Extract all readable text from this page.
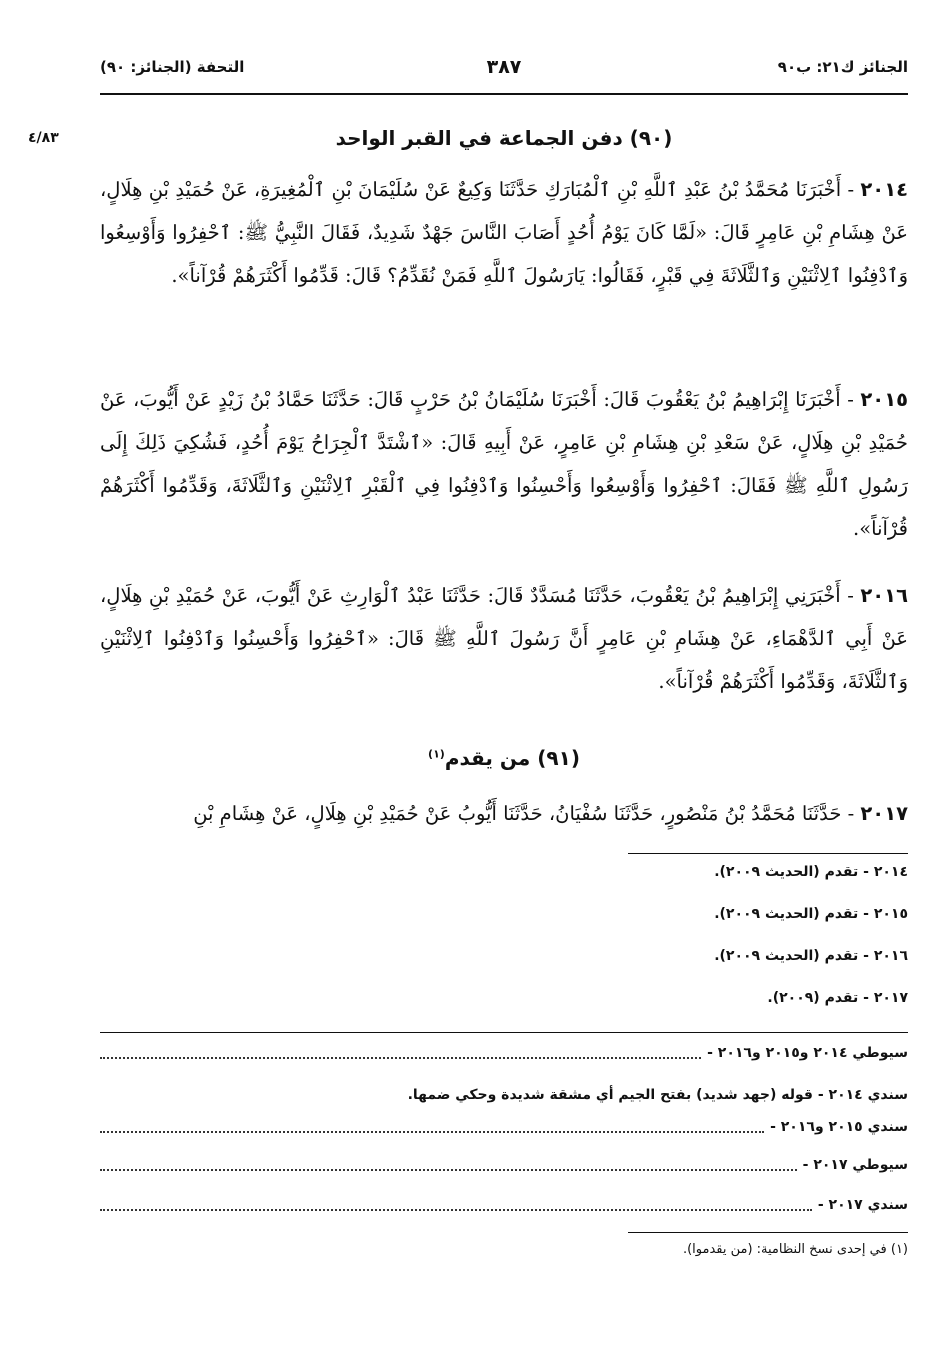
الجنائز ك٢١: ب٩٠
٣٨٧
التحفة (الجنائز: ٩٠)
٤/٨٣	(٩٠) دفن الجماعة في القبر الواحد
٢٠١٤ - أَخْبَرَنَا مُحَمَّدُ بْنُ عَبْدِ ٱللَّهِ بْنِ ٱلْمُبَارَكِ حَدَّثَنَا وَكِيعٌ عَنْ سُلَيْمَانَ بْنِ ٱلْمُغِيرَةِ، عَنْ حُمَيْدِ بْنِ هِلَالٍ، عَنْ هِشَامِ بْنِ عَامِرٍ قَالَ: «لَمَّا كَانَ يَوْمُ أُحُدٍ أَصَابَ النَّاسَ جَهْدٌ شَدِيدٌ، فَقَالَ النَّبِيُّ ﷺ: ٱحْفِرُوا وَأَوْسِعُوا وَٱدْفِنُوا ٱلِاثْنَيْنِ وَٱلثَّلَاثَةَ فِي قَبْرٍ، فَقَالُوا: يَارَسُولَ ٱللَّهِ فَمَنْ نُقَدِّمُ؟ قَالَ: قَدِّمُوا أَكْثَرَهُمْ قُرْآناً».
٢٠١٥ - أَخْبَرَنَا إِبْرَاهِيمُ بْنُ يَعْقُوبَ قَالَ: أَخْبَرَنَا سُلَيْمَانُ بْنُ حَرْبٍ قَالَ: حَدَّثَنَا حَمَّادُ بْنُ زَيْدٍ عَنْ أَيُّوبَ، عَنْ حُمَيْدِ بْنِ هِلَالٍ، عَنْ سَعْدِ بْنِ هِشَامِ بْنِ عَامِرٍ، عَنْ أَبِيهِ قَالَ: «ٱشْتَدَّ ٱلْجِرَاحُ يَوْمَ أُحُدٍ، فَشُكِيَ ذَلِكَ إِلَى رَسُولِ ٱللَّهِ ﷺ فَقَالَ: ٱحْفِرُوا وَأَوْسِعُوا وَأَحْسِنُوا وَٱدْفِنُوا فِي ٱلْقَبْرِ ٱلِاثْنَيْنِ وَٱلثَّلَاثَةَ، وَقَدِّمُوا أَكْثَرَهُمْ قُرْآناً».
٢٠١٦ - أَخْبَرَنِي إِبْرَاهِيمُ بْنُ يَعْقُوبَ، حَدَّثَنَا مُسَدَّدٌ قَالَ: حَدَّثَنَا عَبْدُ ٱلْوَارِثِ عَنْ أَيُّوبَ، عَنْ حُمَيْدِ بْنِ هِلَالٍ، عَنْ أَبِي ٱلدَّهْمَاءِ، عَنْ هِشَامِ بْنِ عَامِرٍ أَنَّ رَسُولَ ٱللَّهِ ﷺ قَالَ: «ٱحْفِرُوا وَأَحْسِنُوا وَٱدْفِنُوا ٱلِاثْنَيْنِ وَٱلثَّلَاثَةَ، وَقَدِّمُوا أَكْثَرَهُمْ قُرْآناً».
(٩١) من يقدم$^{(١)}$
٢٠١٧ - حَدَّثَنَا مُحَمَّدُ بْنُ مَنْصُورٍ، حَدَّثَنَا سُفْيَانُ، حَدَّثَنَا أَيُّوبُ عَنْ حُمَيْدِ بْنِ هِلَالٍ، عَنْ هِشَامِ بْنِ
٢٠١٤ - تقدم (الحديث ٢٠٠٩).
٢٠١٥ - تقدم (الحديث ٢٠٠٩).
٢٠١٦ - تقدم (الحديث ٢٠٠٩).
٢٠١٧ - تقدم (٢٠٠٩).
سيوطي ٢٠١٤ و٢٠١٥ و٢٠١٦ -
سندي ٢٠١٤ - قوله (جهد شديد) بفتح الجيم أي مشقة شديدة وحكي ضمها.
سندي ٢٠١٥ و٢٠١٦ -
سيوطي ٢٠١٧ -
سندي ٢٠١٧ -
(١) في إحدى نسخ النظامية: (من يقدموا).
